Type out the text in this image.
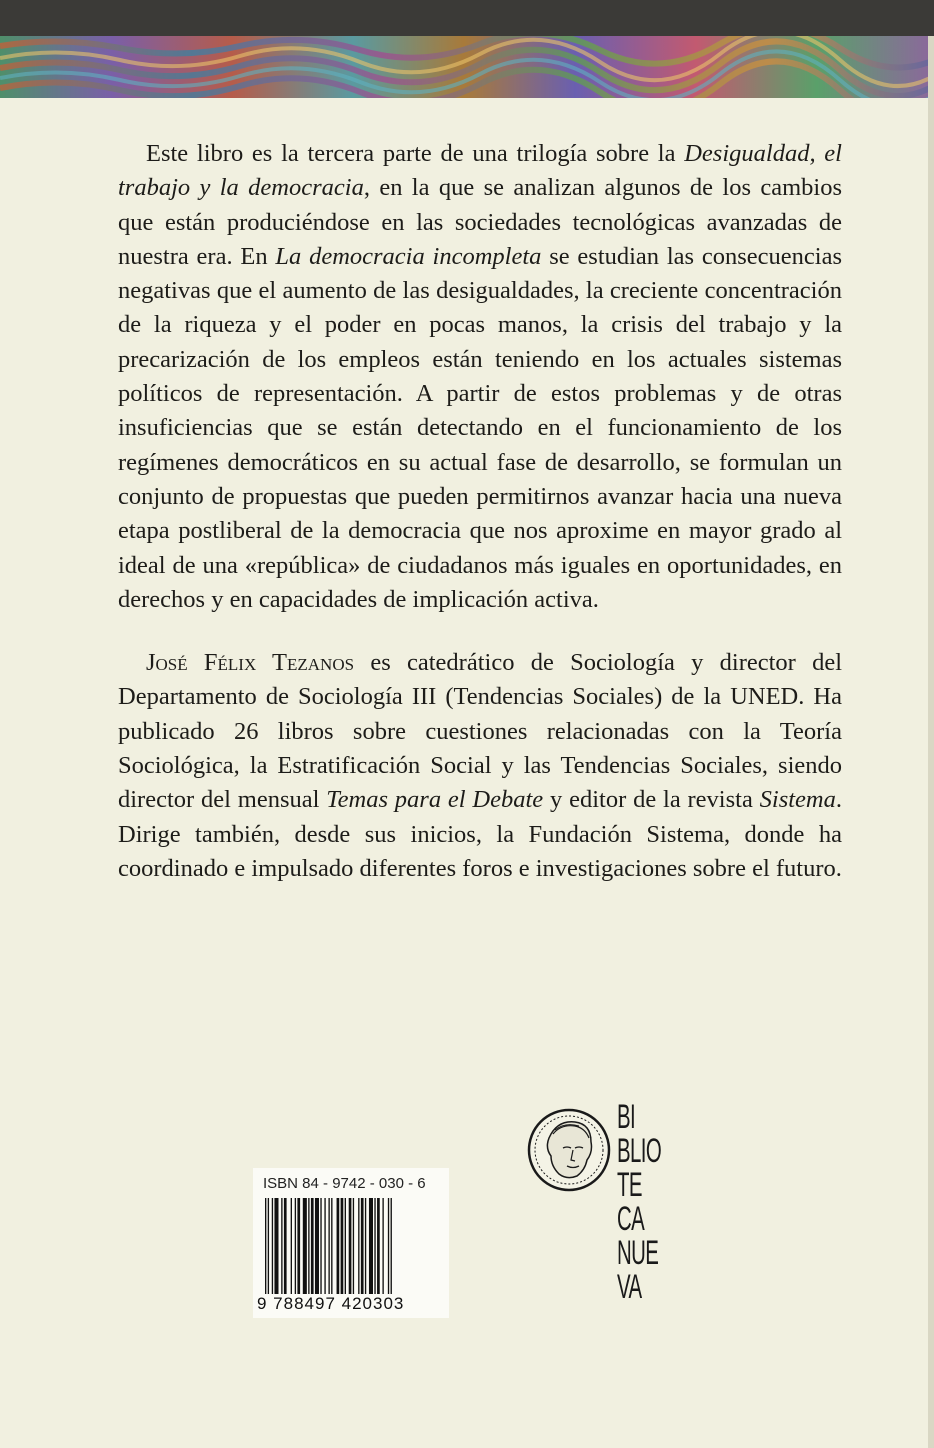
Este libro es la tercera parte de una trilogía sobre la Desigualdad, el trabajo y la democracia, en la que se analizan algunos de los cambios que están produciéndose en las sociedades tecnológicas avanzadas de nuestra era. En La democracia incompleta se estudian las consecuencias negativas que el aumento de las desigualdades, la creciente concentración de la riqueza y el poder en pocas manos, la crisis del trabajo y la precarización de los empleos están teniendo en los actuales sistemas políticos de representación. A partir de estos problemas y de otras insuficiencias que se están detectando en el funcionamiento de los regímenes democráticos en su actual fase de desarrollo, se formulan un conjunto de propuestas que pueden permitirnos avanzar hacia una nueva etapa postliberal de la democracia que nos aproxime en mayor grado al ideal de una «república» de ciudadanos más iguales en oportunidades, en derechos y en capacidades de implicación activa.

José Félix Tezanos es catedrático de Sociología y director del Departamento de Sociología III (Tendencias Sociales) de la UNED. Ha publicado 26 libros sobre cuestiones relacionadas con la Teoría Sociológica, la Estratificación Social y las Tendencias Sociales, siendo director del mensual Temas para el Debate y editor de la revista Sistema. Dirige también, desde sus inicios, la Fundación Sistema, donde ha coordinado e impulsado diferentes foros e investigaciones sobre el futuro.

ISBN 84 - 9742 - 030 - 6
9 788497 420303
BI
BLIO
TE
CA
NUE
VA
